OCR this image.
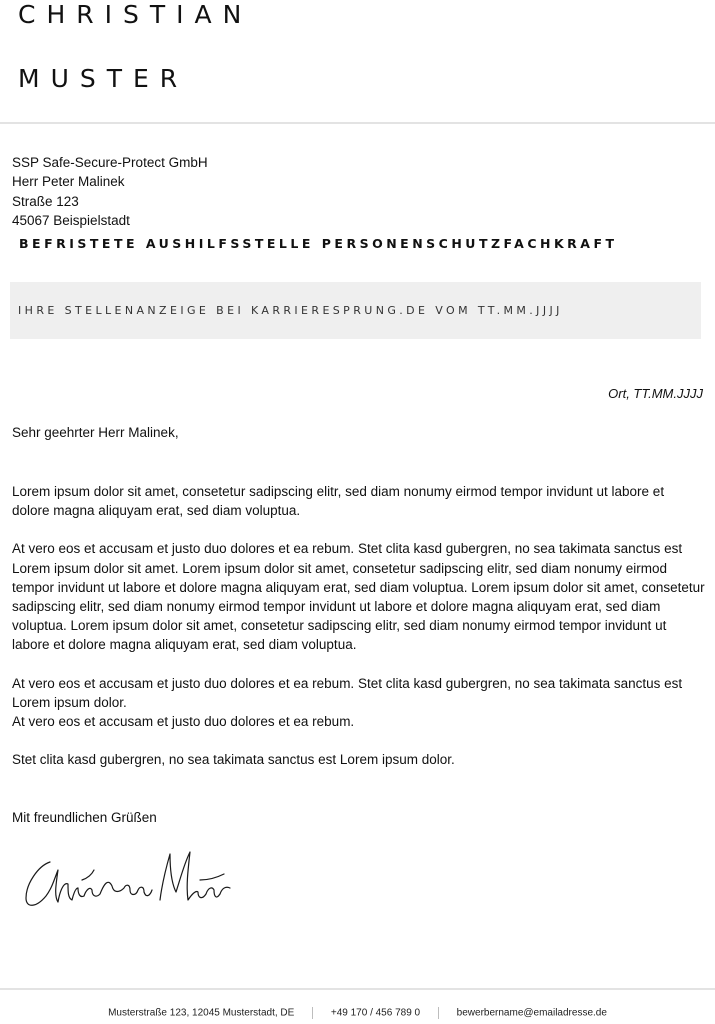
CHRISTIAN
MUSTER
SSP Safe-Secure-Protect GmbH
Herr Peter Malinek
Straße 123
45067 Beispielstadt
BEFRISTETE AUSHILFSSTELLE PERSONENSCHUTZFACHKRAFT
IHRE STELLENANZEIGE BEI KARRIERESPRUNG.DE VOM TT.MM.JJJJ
Ort, TT.MM.JJJJ
Sehr geehrter Herr Malinek,

Lorem ipsum dolor sit amet, consetetur sadipscing elitr, sed diam nonumy eirmod tempor invidunt ut labore et dolore magna aliquyam erat, sed diam voluptua.

At vero eos et accusam et justo duo dolores et ea rebum. Stet clita kasd gubergren, no sea takimata sanctus est Lorem ipsum dolor sit amet. Lorem ipsum dolor sit amet, consetetur sadipscing elitr, sed diam nonumy eirmod tempor invidunt ut labore et dolore magna aliquyam erat, sed diam voluptua. Lorem ipsum dolor sit amet, consetetur sadipscing elitr, sed diam nonumy eirmod tempor invidunt ut labore et dolore magna aliquyam erat, sed diam voluptua. Lorem ipsum dolor sit amet, consetetur sadipscing elitr, sed diam nonumy eirmod tempor invidunt ut labore et dolore magna aliquyam erat, sed diam voluptua.

At vero eos et accusam et justo duo dolores et ea rebum. Stet clita kasd gubergren, no sea takimata sanctus est Lorem ipsum dolor.

At vero eos et accusam et justo duo dolores et ea rebum.

Stet clita kasd gubergren, no sea takimata sanctus est Lorem ipsum dolor.

Mit freundlichen Grüßen
Musterstraße 123, 12045 Musterstadt, DE	+49 170 / 456 789 0	bewerbername@emailadresse.de
